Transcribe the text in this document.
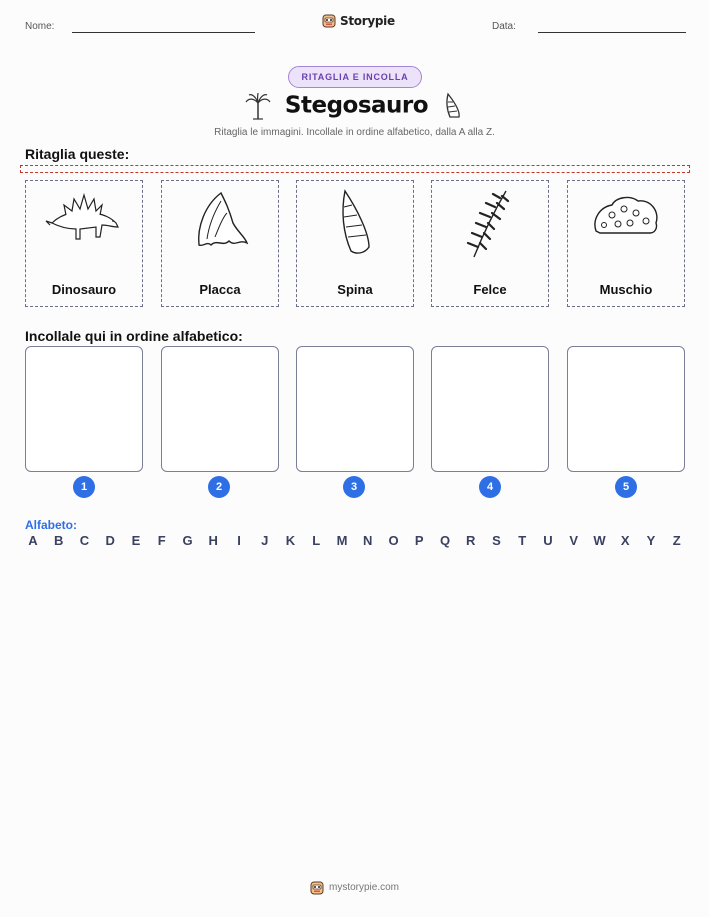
Nome:	Storypie	Data:
RITAGLIA E INCOLLA
Stegosauro
Ritaglia le immagini. Incollale in ordine alfabetico, dalla A alla Z.
Ritaglia queste:
Dinosauro	Placca	Spina	Felce	Muschio
Incollale qui in ordine alfabetico:
1	2	3	4	5
Alfabeto:
A B C D E	F	G H	I	J	K	L	M N O P Q R S	T	U V W X Y	Z
mystorypie.com
